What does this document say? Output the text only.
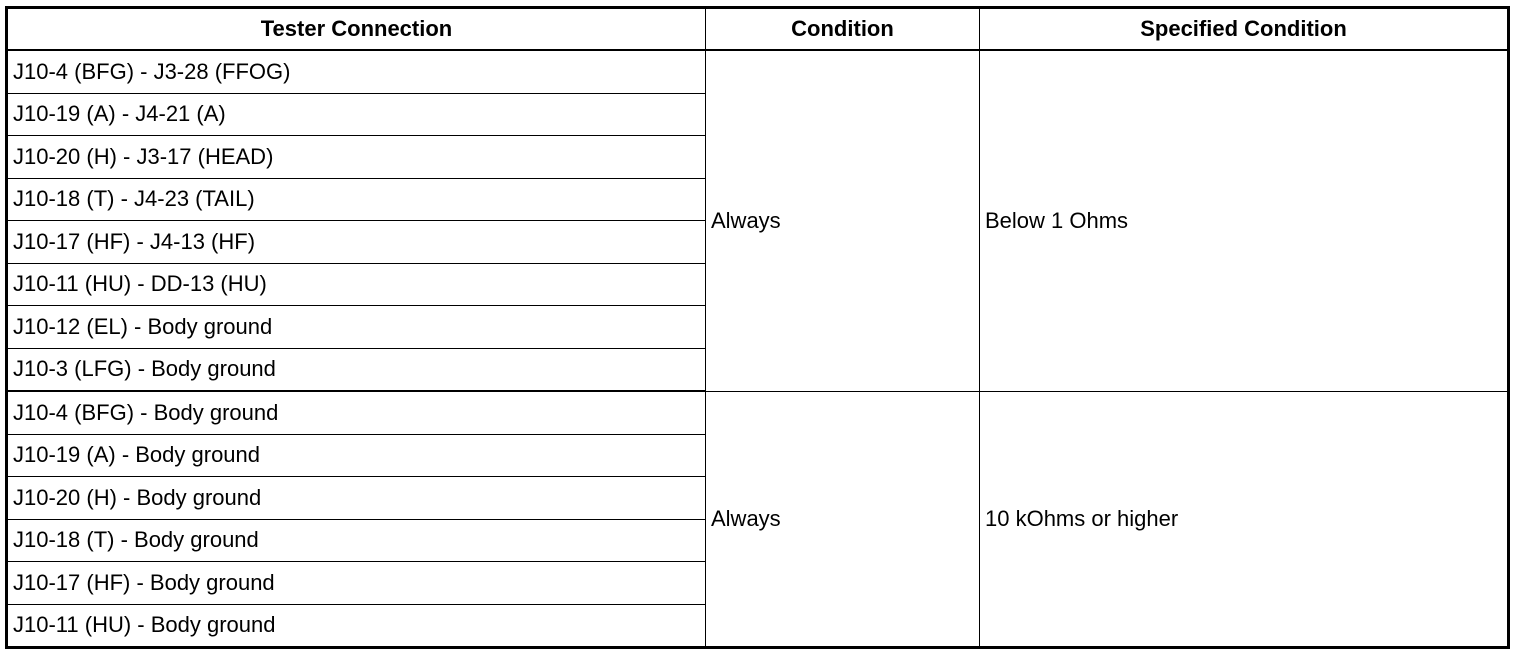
Tester Connection	Condition	Specified Condition
J10-4 (BFG) - J3-28 (FFOG)	Always	Below 1 Ohms
J10-19 (A) - J4-21 (A)		
J10-20 (H) - J3-17 (HEAD)		
J10-18 (T) - J4-23 (TAIL)		
J10-17 (HF) - J4-13 (HF)		
J10-11 (HU) - DD-13 (HU)		
J10-12 (EL) - Body ground		
J10-3 (LFG) - Body ground		
J10-4 (BFG) - Body ground	Always	10 kOhms or higher
J10-19 (A) - Body ground		
J10-20 (H) - Body ground		
J10-18 (T) - Body ground		
J10-17 (HF) - Body ground		
J10-11 (HU) - Body ground		
